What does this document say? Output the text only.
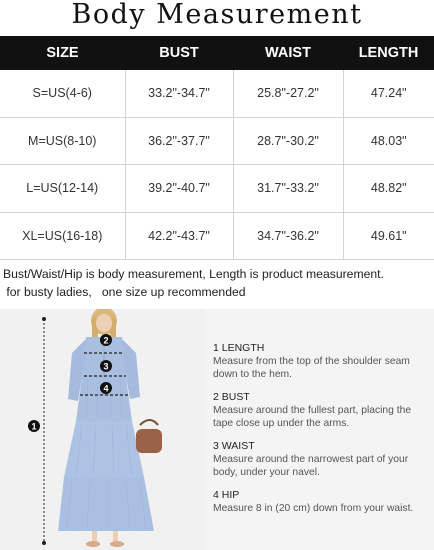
Body Measurement
SIZE	BUST	WAIST	LENGTH
S=US(4-6)	33.2"-34.7"	25.8"-27.2"	47.24"
M=US(8-10)	36.2"-37.7"	28.7"-30.2"	48.03"
L=US(12-14)	39.2"-40.7"	31.7"-33.2"	48.82"
XL=US(16-18)	42.2"-43.7"	34.7"-36.2"	49.61"
Bust/Waist/Hip is body measurement, Length is product measurement.
for busty ladies,   one size up recommended
1
2
3
4
1 LENGTH
Measure from the top of the shoulder seam down to the hem.
2 BUST
Measure around the fullest part, placing the tape close up under the arms.
3 WAIST
Measure around the narrowest part of your body, under your navel.
4 HIP
Measure 8 in (20 cm) down from your waist.
